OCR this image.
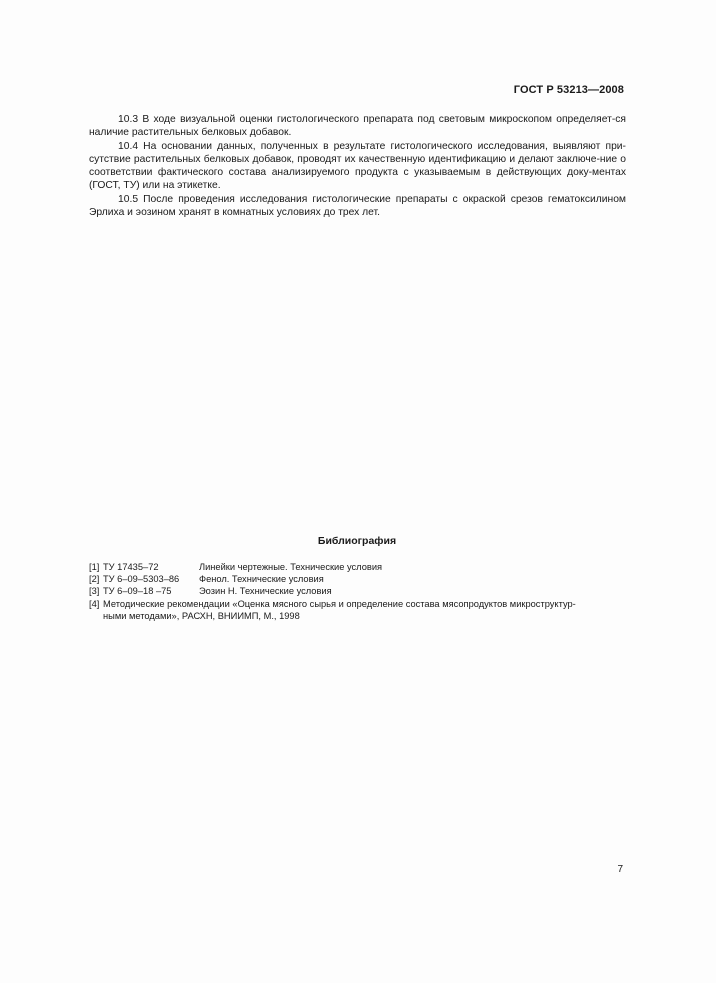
ГОСТ Р 53213—2008

10.3 В ходе визуальной оценки гистологического препарата под световым микроскопом определяет-ся наличие растительных белковых добавок.

10.4 На основании данных, полученных в результате гистологического исследования, выявляют при-сутствие растительных белковых добавок, проводят их качественную идентификацию и делают заключе-ние о соответствии фактического состава анализируемого продукта с указываемым в действующих доку-ментах (ГОСТ, ТУ) или на этикетке.

10.5 После проведения исследования гистологические препараты с окраской срезов гематоксилином Эрлиха и эозином хранят в комнатных условиях до трех лет.

Библиография
[1] ТУ 17435–72	Линейки чертежные. Технические условия
[2] ТУ 6–09–5303–86	Фенол. Технические условия
[3] ТУ 6–09–18 –75	Эозин Н. Технические условия
[4] Методические рекомендации «Оценка мясного сырья и определение состава мясопродуктов микроструктур-
ными методами», РАСХН, ВНИИМП, М., 1998
7
